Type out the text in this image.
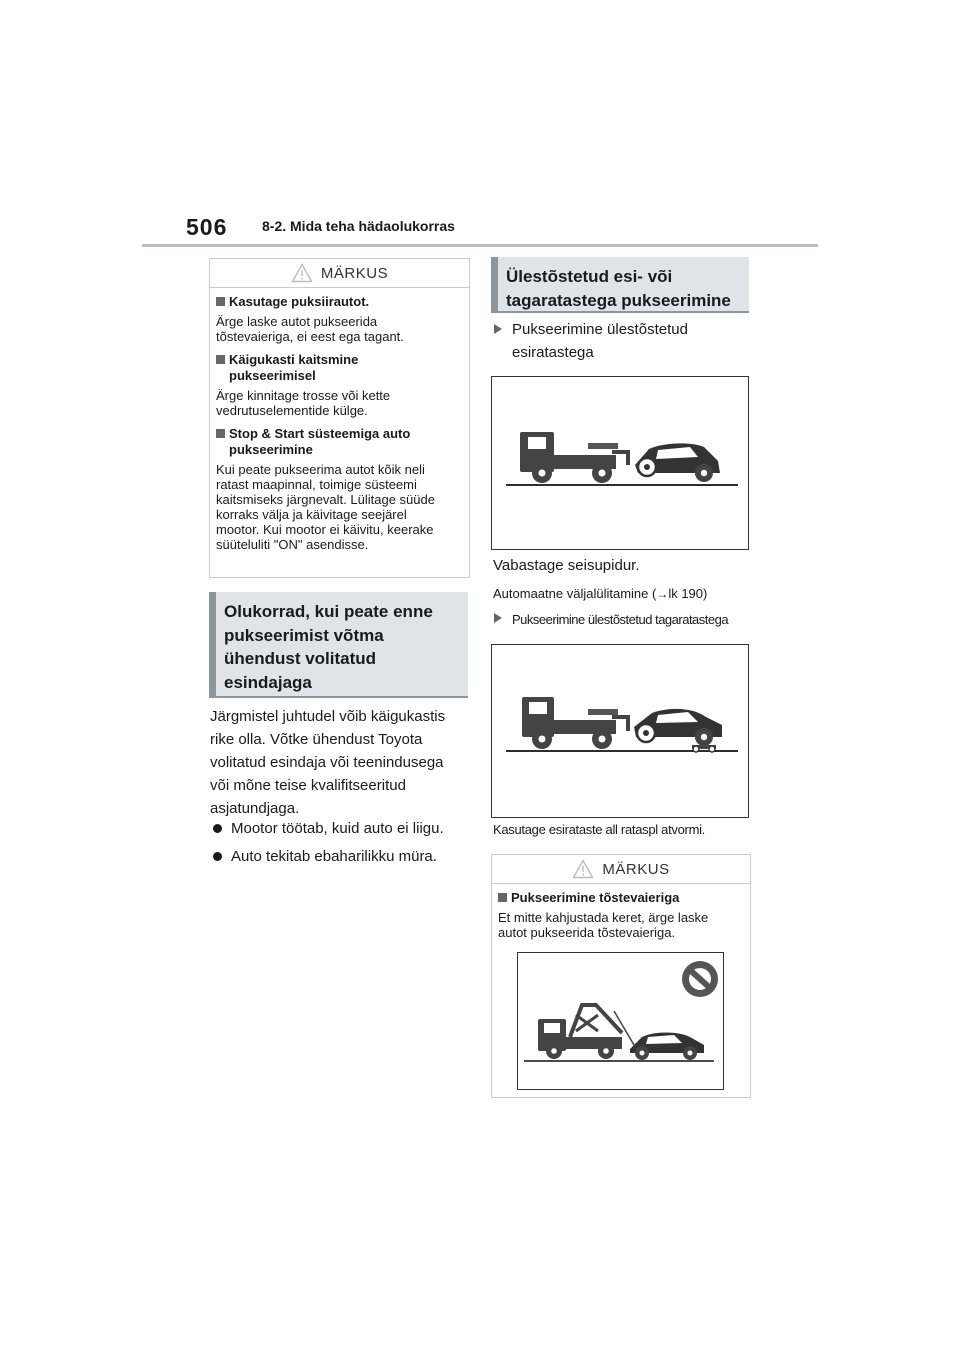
506 8-2. Mida teha hädaolukorras
MÄRKUS
Kasutage puksiirautot.
Ärge laske autot pukseerida
tõstevaieriga, ei eest ega tagant.
Käigukasti kaitsmine
pukseerimisel
Ärge kinnitage trosse või kette
vedrutuselementide külge.
Stop & Start süsteemiga auto
pukseerimine
Kui peate pukseerima autot kõik neli
ratast maapinnal, toimige süsteemi
kaitsmiseks järgnevalt. Lülitage süüde
korraks välja ja käivitage seejärel
mootor. Kui mootor ei käivitu, keerake
süüteluliti "ON" asendisse.
Olukorrad, kui peate enne
pukseerimist võtma
ühendust volitatud
esindajaga
Järgmistel juhtudel võib käigukastis
rike olla. Võtke ühendust Toyota
volitatud esindaja või teenindusega
või mõne teise kvalifitseeritud
asjatundjaga.
Mootor töötab, kuid auto ei liigu.
Auto tekitab ebaharilikku müra.
Ülestõstetud esi- või
tagaratastega pukseerimine
Pukseerimine ülestõstetud
esiratastega
Vabastage seisupidur.
Automaatne väljalülitamine (→lk 190)
Pukseerimine ülestõstetud tagaratastega
Kasutage esirataste all rataspl atvormi.
MÄRKUS
Pukseerimine tõstevaieriga
Et mitte kahjustada keret, ärge laske
autot pukseerida tõstevaieriga.
